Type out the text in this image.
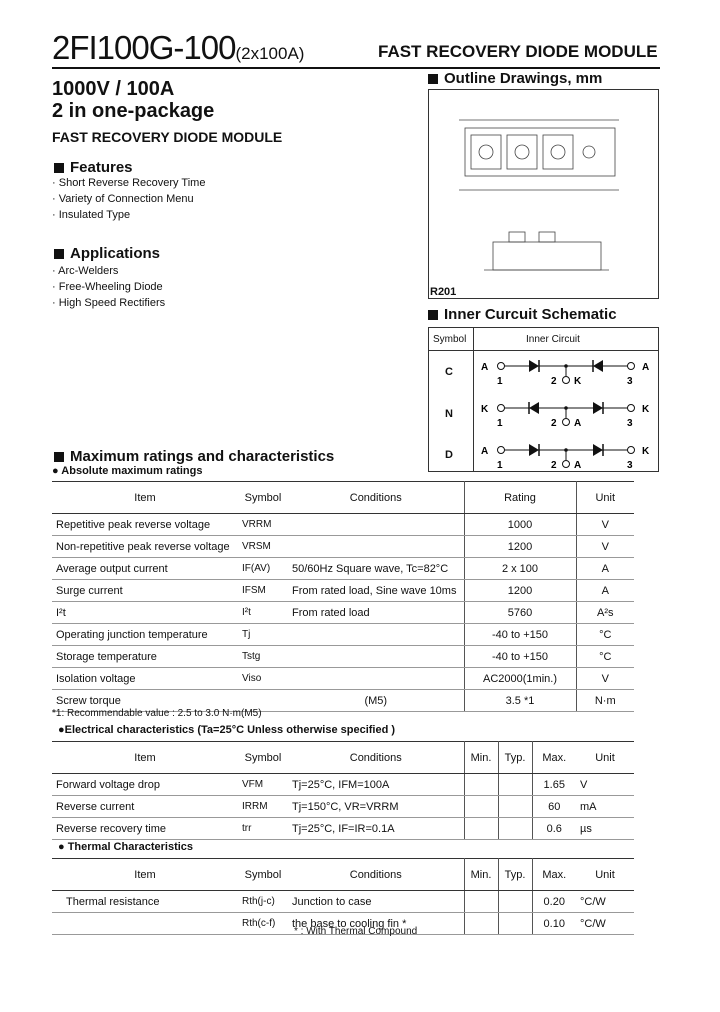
2FI100G-100(2x100A)	FAST RECOVERY DIODE MODULE
1000V / 100A
2 in one-package
FAST RECOVERY DIODE MODULE
Features
· Short Reverse Recovery Time
· Variety of Connection Menu
· Insulated Type
Applications
· Arc-Welders
· Free-Wheeling Diode
· High Speed Rectifiers
Outline Drawings, mm
R201
Inner Curcuit Schematic
Symbol	Inner Circuit
C	A
1	2 K	3
A
N	K
1	2 A	3
K
D	A
1	2 A	3
K
Maximum ratings and characteristics
● Absolute maximum ratings
Item	Symbol	Conditions	Rating	Unit
Repetitive peak reverse voltage	VRRM		1000	V
Non-repetitive peak reverse voltage	VRSM		1200	V
Average output current	IF(AV)	50/60Hz Square wave, Tc=82°C	2 x 100	A
Surge current	IFSM	From rated load, Sine wave 10ms	1200	A
I²t	I²t	From rated load	5760	A²s
Operating junction temperature	Tj		-40 to +150	°C
Storage temperature	Tstg		-40 to +150	°C
Isolation voltage	Viso		AC2000(1min.)	V
Screw torque		(M5)	3.5 *1	N·m
*1: Recommendable value : 2.5 to 3.0 N·m(M5)
●Electrical characteristics (Ta=25°C Unless otherwise specified )
Item	Symbol	Conditions	Min.	Typ.	Max.	Unit
Forward voltage drop	VFM	Tj=25°C, IFM=100A			1.65	V
Reverse current	IRRM	Tj=150°C, VR=VRRM			60	mA
Reverse recovery time	trr	Tj=25°C, IF=IR=0.1A			0.6	µs
● Thermal Characteristics
Item	Symbol	Conditions	Min.	Typ.	Max.	Unit
Thermal resistance	Rth(j-c)	Junction to case			0.20	°C/W
	Rth(c-f)	the base to cooling fin *			0.10	°C/W
* : With Thermal Compound
